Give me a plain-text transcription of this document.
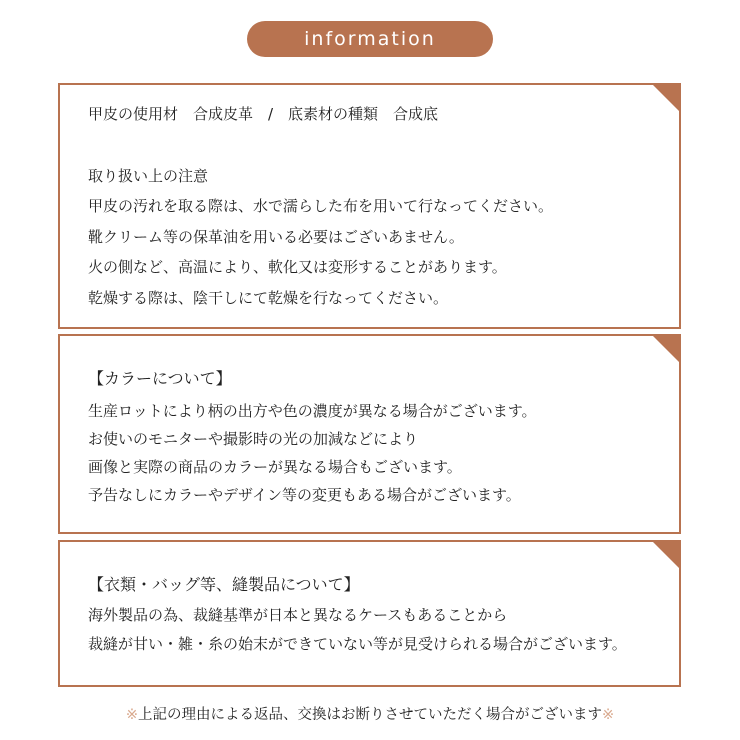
information
甲皮の使用材　合成皮革　/　底素材の種類　合成底
取り扱い上の注意
甲皮の汚れを取る際は、水で濡らした布を用いて行なってください。
靴クリーム等の保革油を用いる必要はございあません。
火の側など、高温により、軟化又は変形することがあります。
乾燥する際は、陰干しにて乾燥を行なってください。
【カラーについて】
生産ロットにより柄の出方や色の濃度が異なる場合がございます。
お使いのモニターや撮影時の光の加減などにより
画像と実際の商品のカラーが異なる場合もございます。
予告なしにカラーやデザイン等の変更もある場合がございます。
【衣類・バッグ等、縫製品について】
海外製品の為、裁縫基準が日本と異なるケースもあることから
裁縫が甘い・雑・糸の始末ができていない等が見受けられる場合がございます。
※上記の理由による返品、交換はお断りさせていただく場合がございます※
